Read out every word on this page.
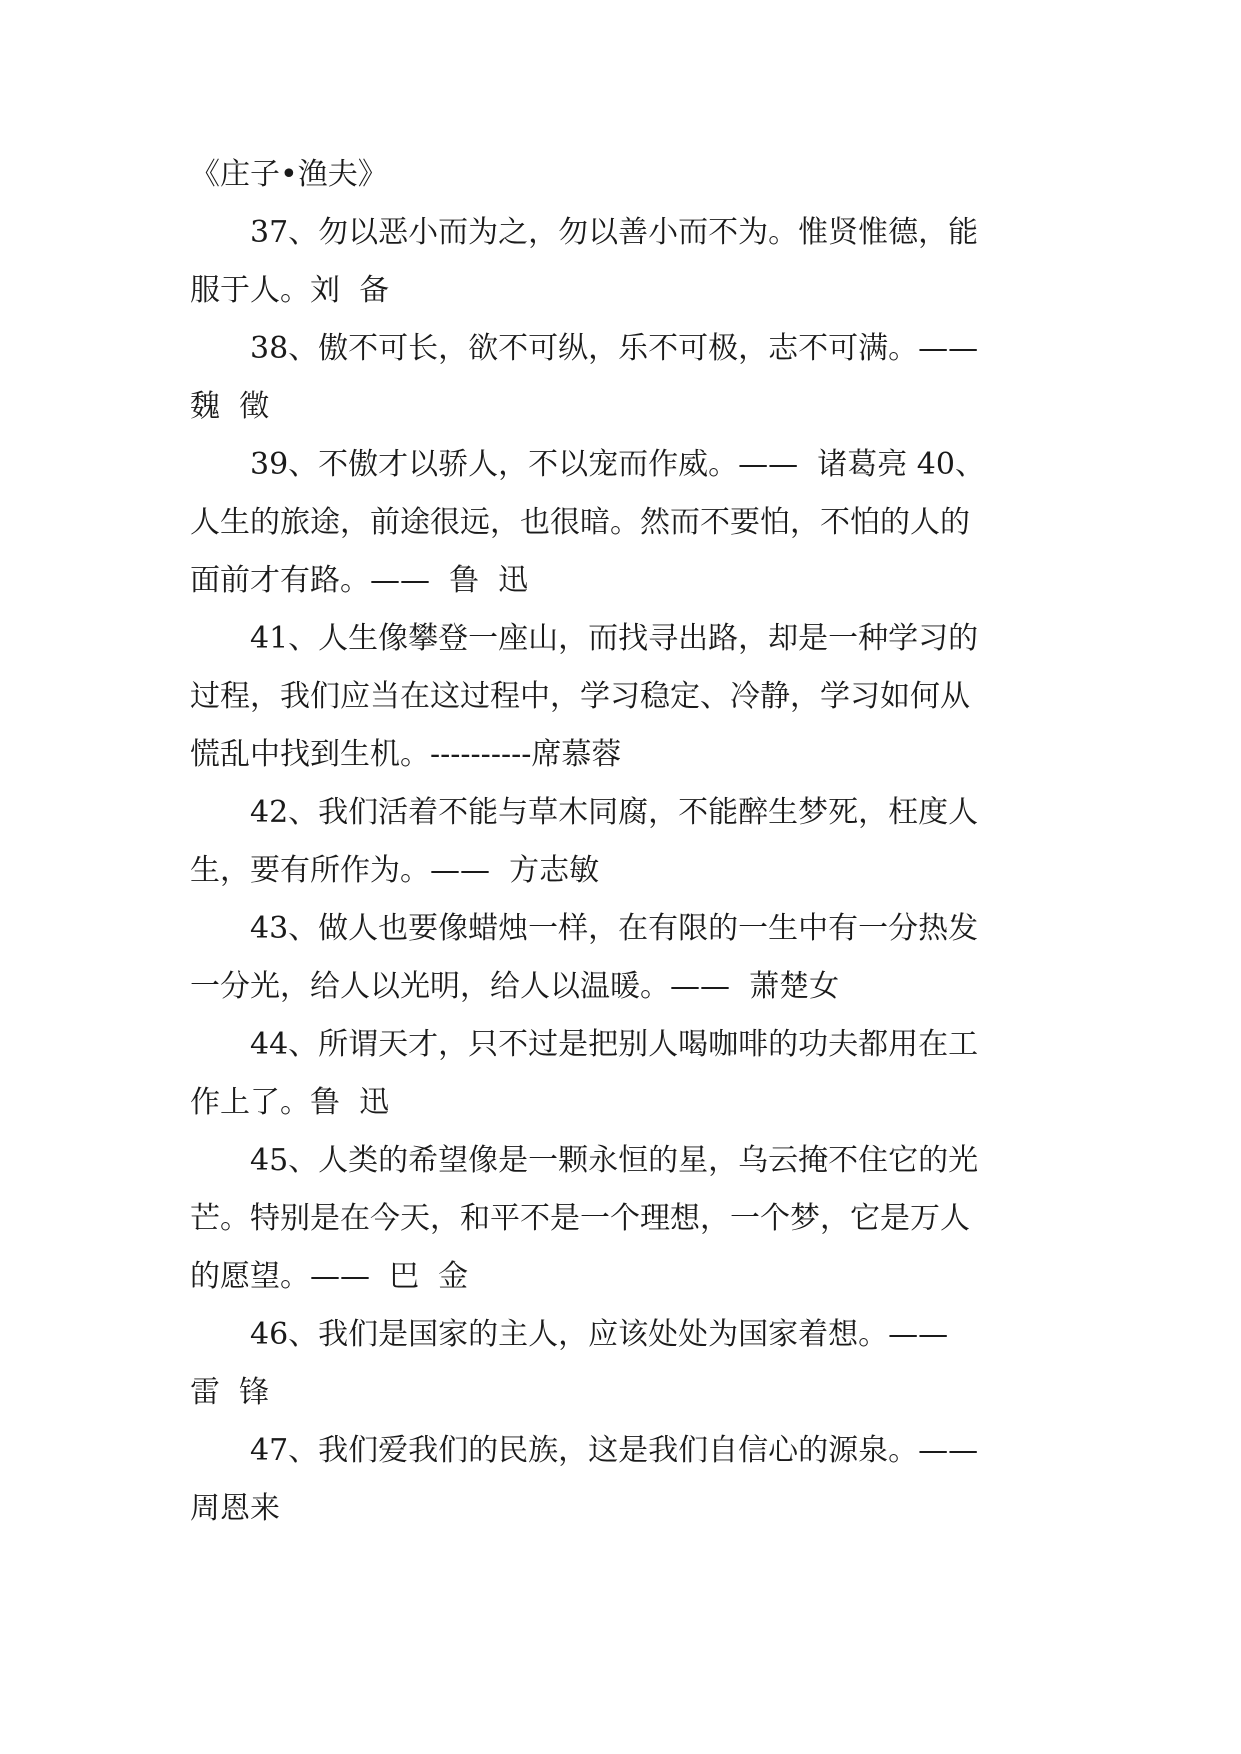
《庄子•渔夫》
37、勿以恶小而为之，勿以善小而不为。惟贤惟德，能
服于人。刘  备
38、傲不可长，欲不可纵，乐不可极，志不可满。——
魏  徵
39、不傲才以骄人，不以宠而作威。——  诸葛亮 40、
人生的旅途，前途很远，也很暗。然而不要怕，不怕的人的
面前才有路。——  鲁  迅
41、人生像攀登一座山，而找寻出路，却是一种学习的
过程，我们应当在这过程中，学习稳定、冷静，学习如何从
慌乱中找到生机。----------席慕蓉
42、我们活着不能与草木同腐，不能醉生梦死，枉度人
生，要有所作为。——  方志敏
43、做人也要像蜡烛一样，在有限的一生中有一分热发
一分光，给人以光明，给人以温暖。——  萧楚女
44、所谓天才，只不过是把别人喝咖啡的功夫都用在工
作上了。鲁  迅
45、人类的希望像是一颗永恒的星，乌云掩不住它的光
芒。特别是在今天，和平不是一个理想，一个梦，它是万人
的愿望。——  巴  金
46、我们是国家的主人，应该处处为国家着想。——
雷  锋
47、我们爱我们的民族，这是我们自信心的源泉。——
周恩来
